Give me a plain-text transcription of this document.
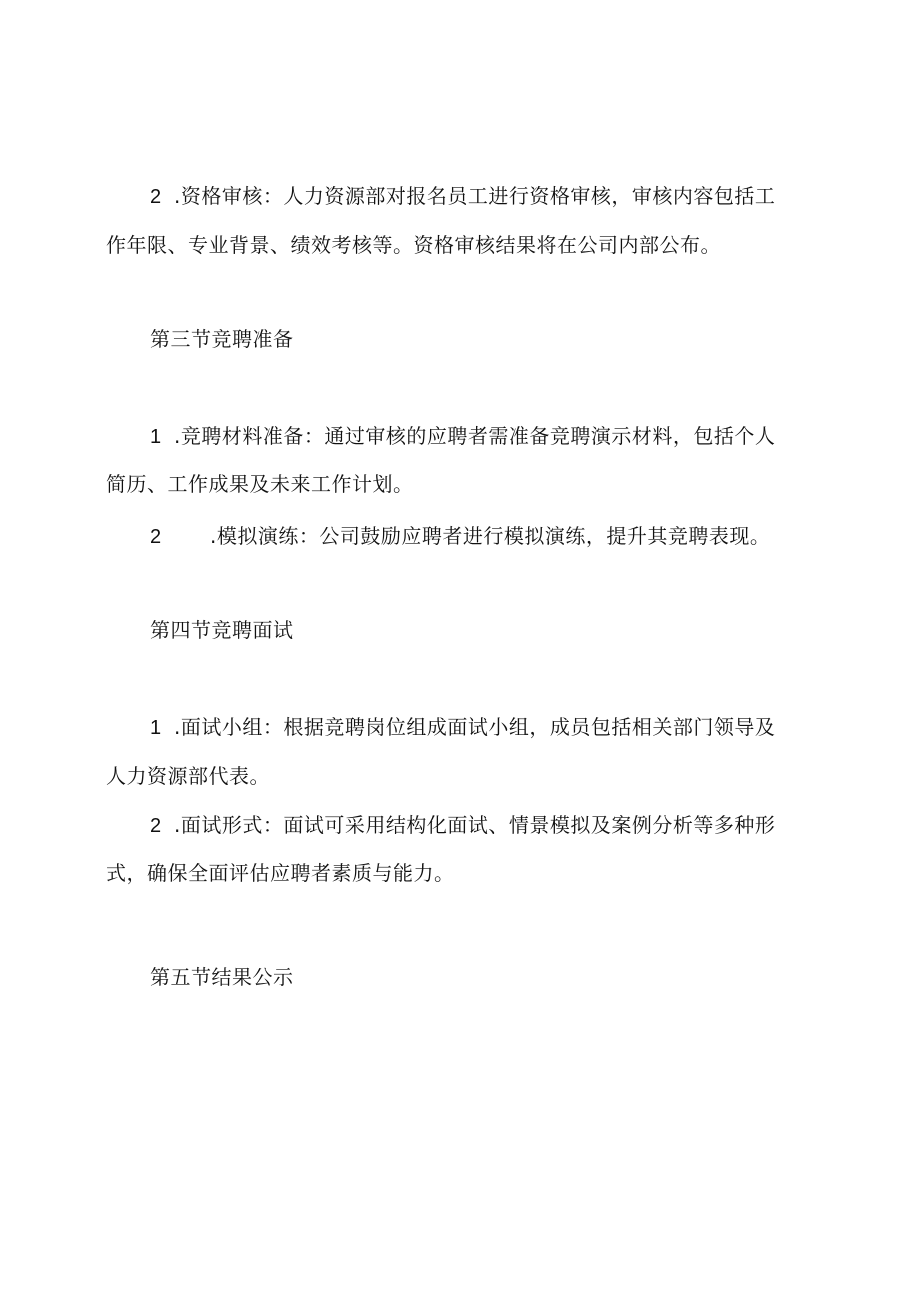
2 .资格审核：人力资源部对报名员工进行资格审核，审核内容包括工
作年限、专业背景、绩效考核等。资格审核结果将在公司内部公布。
第三节竞聘准备
1 .竞聘材料准备：通过审核的应聘者需准备竞聘演示材料，包括个人
简历、工作成果及未来工作计划。
2 .模拟演练：公司鼓励应聘者进行模拟演练，提升其竞聘表现。
第四节竞聘面试
1 .面试小组：根据竞聘岗位组成面试小组，成员包括相关部门领导及
人力资源部代表。
2 .面试形式：面试可采用结构化面试、情景模拟及案例分析等多种形
式，确保全面评估应聘者素质与能力。
第五节结果公示
